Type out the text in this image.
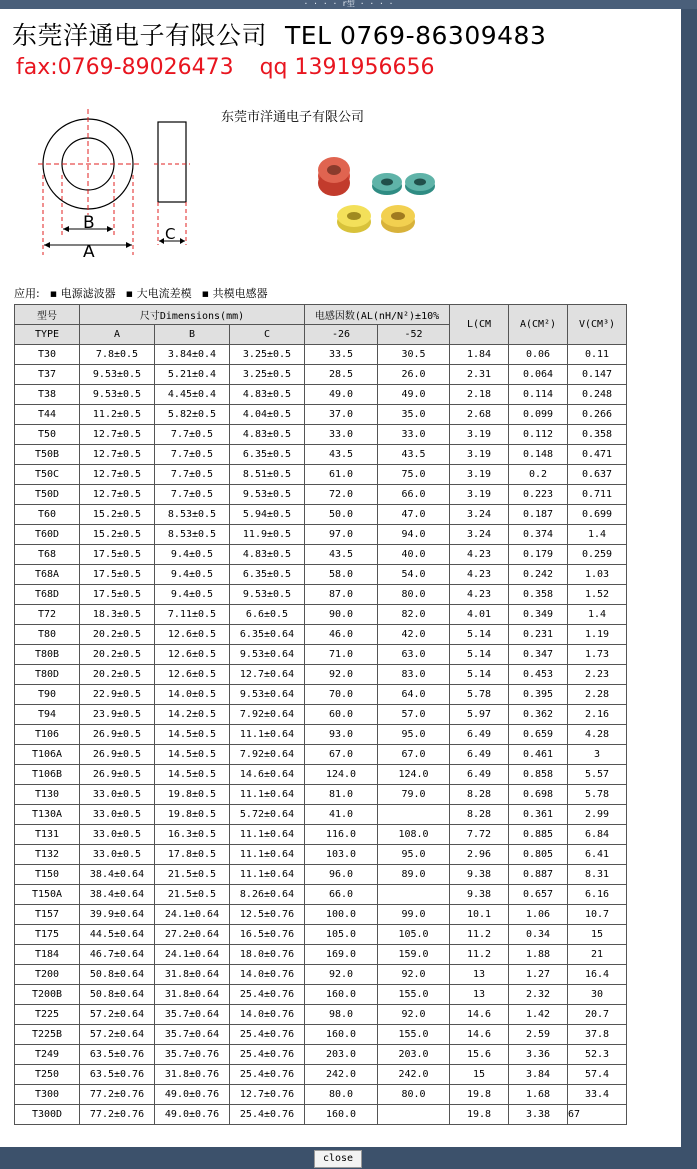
· · · · r型 · · · ·
东莞洋通电子有限公司 TEL 0769-86309483
fax:0769-89026473 qq 1391956656
东莞市洋通电子有限公司
B
A
C
应用: ▪ 电源滤波器 ▪ 大电流差模 ▪ 共模电感器
型号	尺寸Dimensions(mm)			电感因数(AL(nH/N²)±10%		L(CM	A(CM²)	V(CM³)
TYPE	A	B	C	-26	-52			
T30	7.8±0.5	3.84±0.4	3.25±0.5	33.5	30.5	1.84	0.06	0.11
T37	9.53±0.5	5.21±0.4	3.25±0.5	28.5	26.0	2.31	0.064	0.147
T38	9.53±0.5	4.45±0.4	4.83±0.5	49.0	49.0	2.18	0.114	0.248
T44	11.2±0.5	5.82±0.5	4.04±0.5	37.0	35.0	2.68	0.099	0.266
T50	12.7±0.5	7.7±0.5	4.83±0.5	33.0	33.0	3.19	0.112	0.358
T50B	12.7±0.5	7.7±0.5	6.35±0.5	43.5	43.5	3.19	0.148	0.471
T50C	12.7±0.5	7.7±0.5	8.51±0.5	61.0	75.0	3.19	0.2	0.637
T50D	12.7±0.5	7.7±0.5	9.53±0.5	72.0	66.0	3.19	0.223	0.711
T60	15.2±0.5	8.53±0.5	5.94±0.5	50.0	47.0	3.24	0.187	0.699
T60D	15.2±0.5	8.53±0.5	11.9±0.5	97.0	94.0	3.24	0.374	1.4
T68	17.5±0.5	9.4±0.5	4.83±0.5	43.5	40.0	4.23	0.179	0.259
T68A	17.5±0.5	9.4±0.5	6.35±0.5	58.0	54.0	4.23	0.242	1.03
T68D	17.5±0.5	9.4±0.5	9.53±0.5	87.0	80.0	4.23	0.358	1.52
T72	18.3±0.5	7.11±0.5	6.6±0.5	90.0	82.0	4.01	0.349	1.4
T80	20.2±0.5	12.6±0.5	6.35±0.64	46.0	42.0	5.14	0.231	1.19
T80B	20.2±0.5	12.6±0.5	9.53±0.64	71.0	63.0	5.14	0.347	1.73
T80D	20.2±0.5	12.6±0.5	12.7±0.64	92.0	83.0	5.14	0.453	2.23
T90	22.9±0.5	14.0±0.5	9.53±0.64	70.0	64.0	5.78	0.395	2.28
T94	23.9±0.5	14.2±0.5	7.92±0.64	60.0	57.0	5.97	0.362	2.16
T106	26.9±0.5	14.5±0.5	11.1±0.64	93.0	95.0	6.49	0.659	4.28
T106A	26.9±0.5	14.5±0.5	7.92±0.64	67.0	67.0	6.49	0.461	3
T106B	26.9±0.5	14.5±0.5	14.6±0.64	124.0	124.0	6.49	0.858	5.57
T130	33.0±0.5	19.8±0.5	11.1±0.64	81.0	79.0	8.28	0.698	5.78
T130A	33.0±0.5	19.8±0.5	5.72±0.64	41.0		8.28	0.361	2.99
T131	33.0±0.5	16.3±0.5	11.1±0.64	116.0	108.0	7.72	0.885	6.84
T132	33.0±0.5	17.8±0.5	11.1±0.64	103.0	95.0	2.96	0.805	6.41
T150	38.4±0.64	21.5±0.5	11.1±0.64	96.0	89.0	9.38	0.887	8.31
T150A	38.4±0.64	21.5±0.5	8.26±0.64	66.0		9.38	0.657	6.16
T157	39.9±0.64	24.1±0.64	12.5±0.76	100.0	99.0	10.1	1.06	10.7
T175	44.5±0.64	27.2±0.64	16.5±0.76	105.0	105.0	11.2	0.34	15
T184	46.7±0.64	24.1±0.64	18.0±0.76	169.0	159.0	11.2	1.88	21
T200	50.8±0.64	31.8±0.64	14.0±0.76	92.0	92.0	13	1.27	16.4
T200B	50.8±0.64	31.8±0.64	25.4±0.76	160.0	155.0	13	2.32	30
T225	57.2±0.64	35.7±0.64	14.0±0.76	98.0	92.0	14.6	1.42	20.7
T225B	57.2±0.64	35.7±0.64	25.4±0.76	160.0	155.0	14.6	2.59	37.8
T249	63.5±0.76	35.7±0.76	25.4±0.76	203.0	203.0	15.6	3.36	52.3
T250	63.5±0.76	31.8±0.76	25.4±0.76	242.0	242.0	15	3.84	57.4
T300	77.2±0.76	49.0±0.76	12.7±0.76	80.0	80.0	19.8	1.68	33.4
T300D	77.2±0.76	49.0±0.76	25.4±0.76	160.0		19.8	3.38	67
close
